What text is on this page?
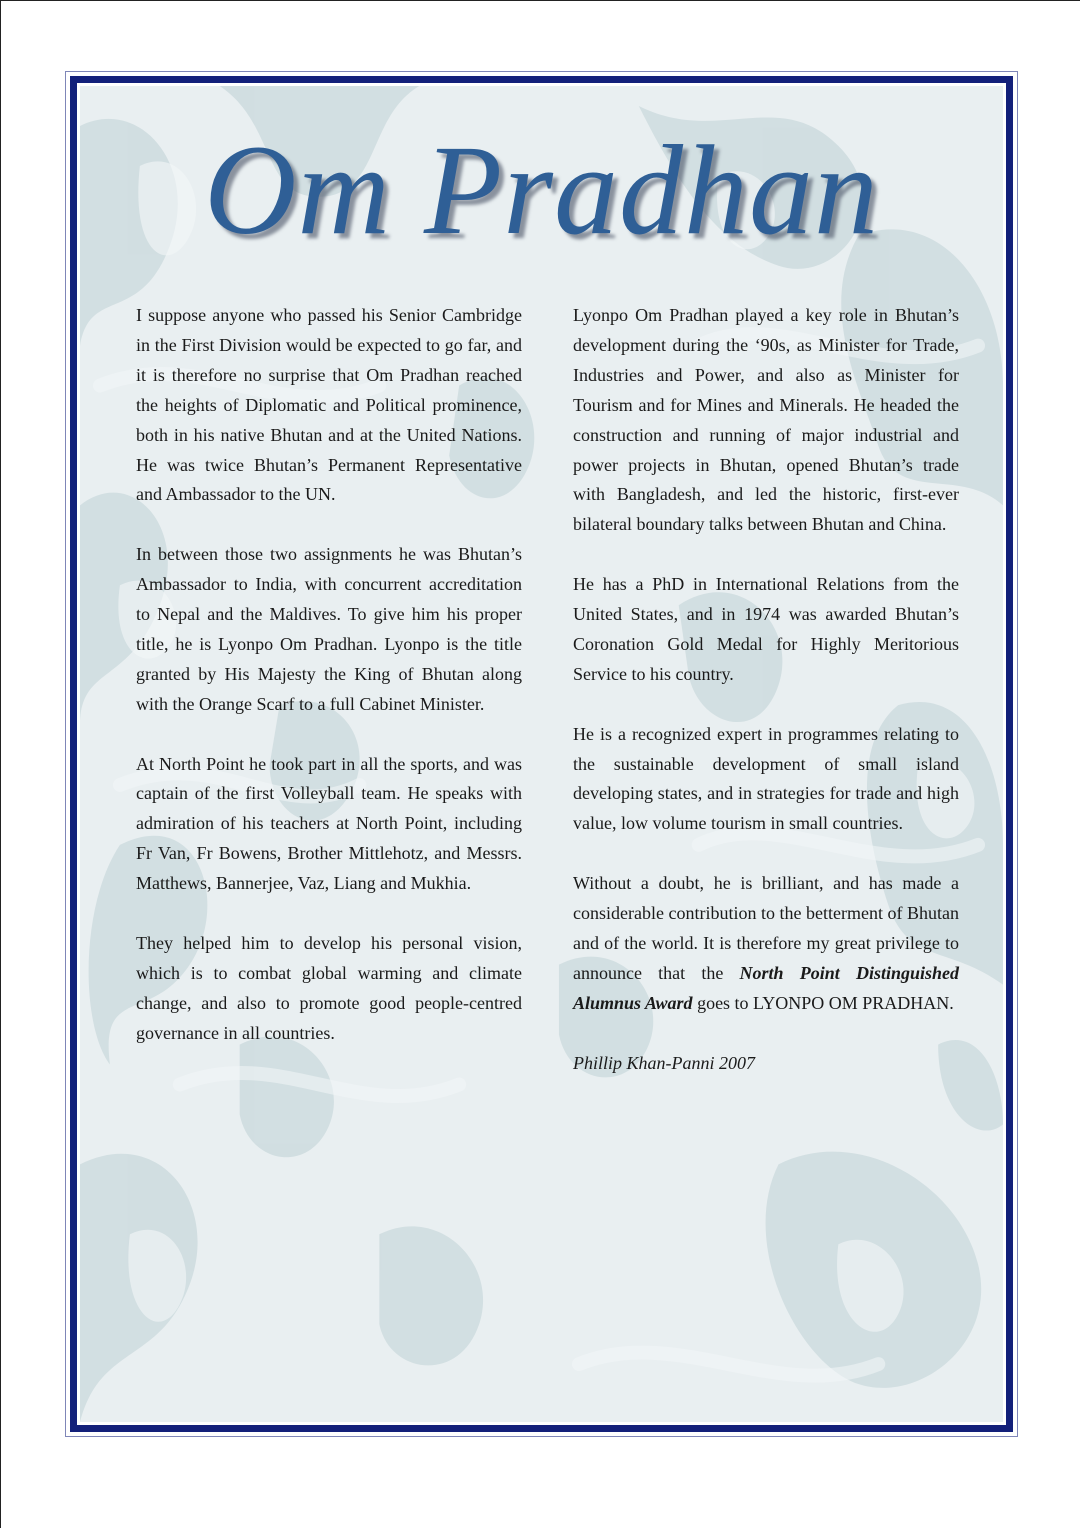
Om Pradhan

I suppose anyone who passed his Senior Cambridge in the First Division would be expected to go far, and it is therefore no surprise that Om Pradhan reached the heights of Diplomatic and Political prominence, both in his native Bhutan and at the United Nations. He was twice Bhutan’s Permanent Representative and Ambassador to the UN.

In between those two assignments he was Bhutan’s Ambassador to India, with concurrent accreditation to Nepal and the Maldives. To give him his proper title, he is Lyonpo Om Pradhan. Lyonpo is the title granted by His Majesty the King of Bhutan along with the Orange Scarf to a full Cabinet Minister.

At North Point he took part in all the sports, and was captain of the first Volleyball team. He speaks with admiration of his teachers at North Point, including Fr Van, Fr Bowens, Brother Mittlehotz, and Messrs. Matthews, Bannerjee, Vaz, Liang and Mukhia.

They helped him to develop his personal vision, which is to combat global warming and climate change, and also to promote good people-centred governance in all countries.

Lyonpo Om Pradhan played a key role in Bhutan’s development during the ‘90s, as Minister for Trade, Industries and Power, and also as Minister for Tourism and for Mines and Minerals. He headed the construction and running of major industrial and power projects in Bhutan, opened Bhutan’s trade with Bangladesh, and led the historic, first-ever bilateral boundary talks between Bhutan and China.

He has a PhD in International Relations from the United States, and in 1974 was awarded Bhutan’s Coronation Gold Medal for Highly Meritorious Service to his country.

He is a recognized expert in programmes relating to the sustainable development of small island developing states, and in strategies for trade and high value, low volume tourism in small countries.

Without a doubt, he is brilliant, and has made a considerable contribution to the betterment of Bhutan and of the world. It is therefore my great privilege to announce that the North Point Distinguished Alumnus Award goes to LYONPO OM PRADHAN.

Phillip Khan-Panni 2007
